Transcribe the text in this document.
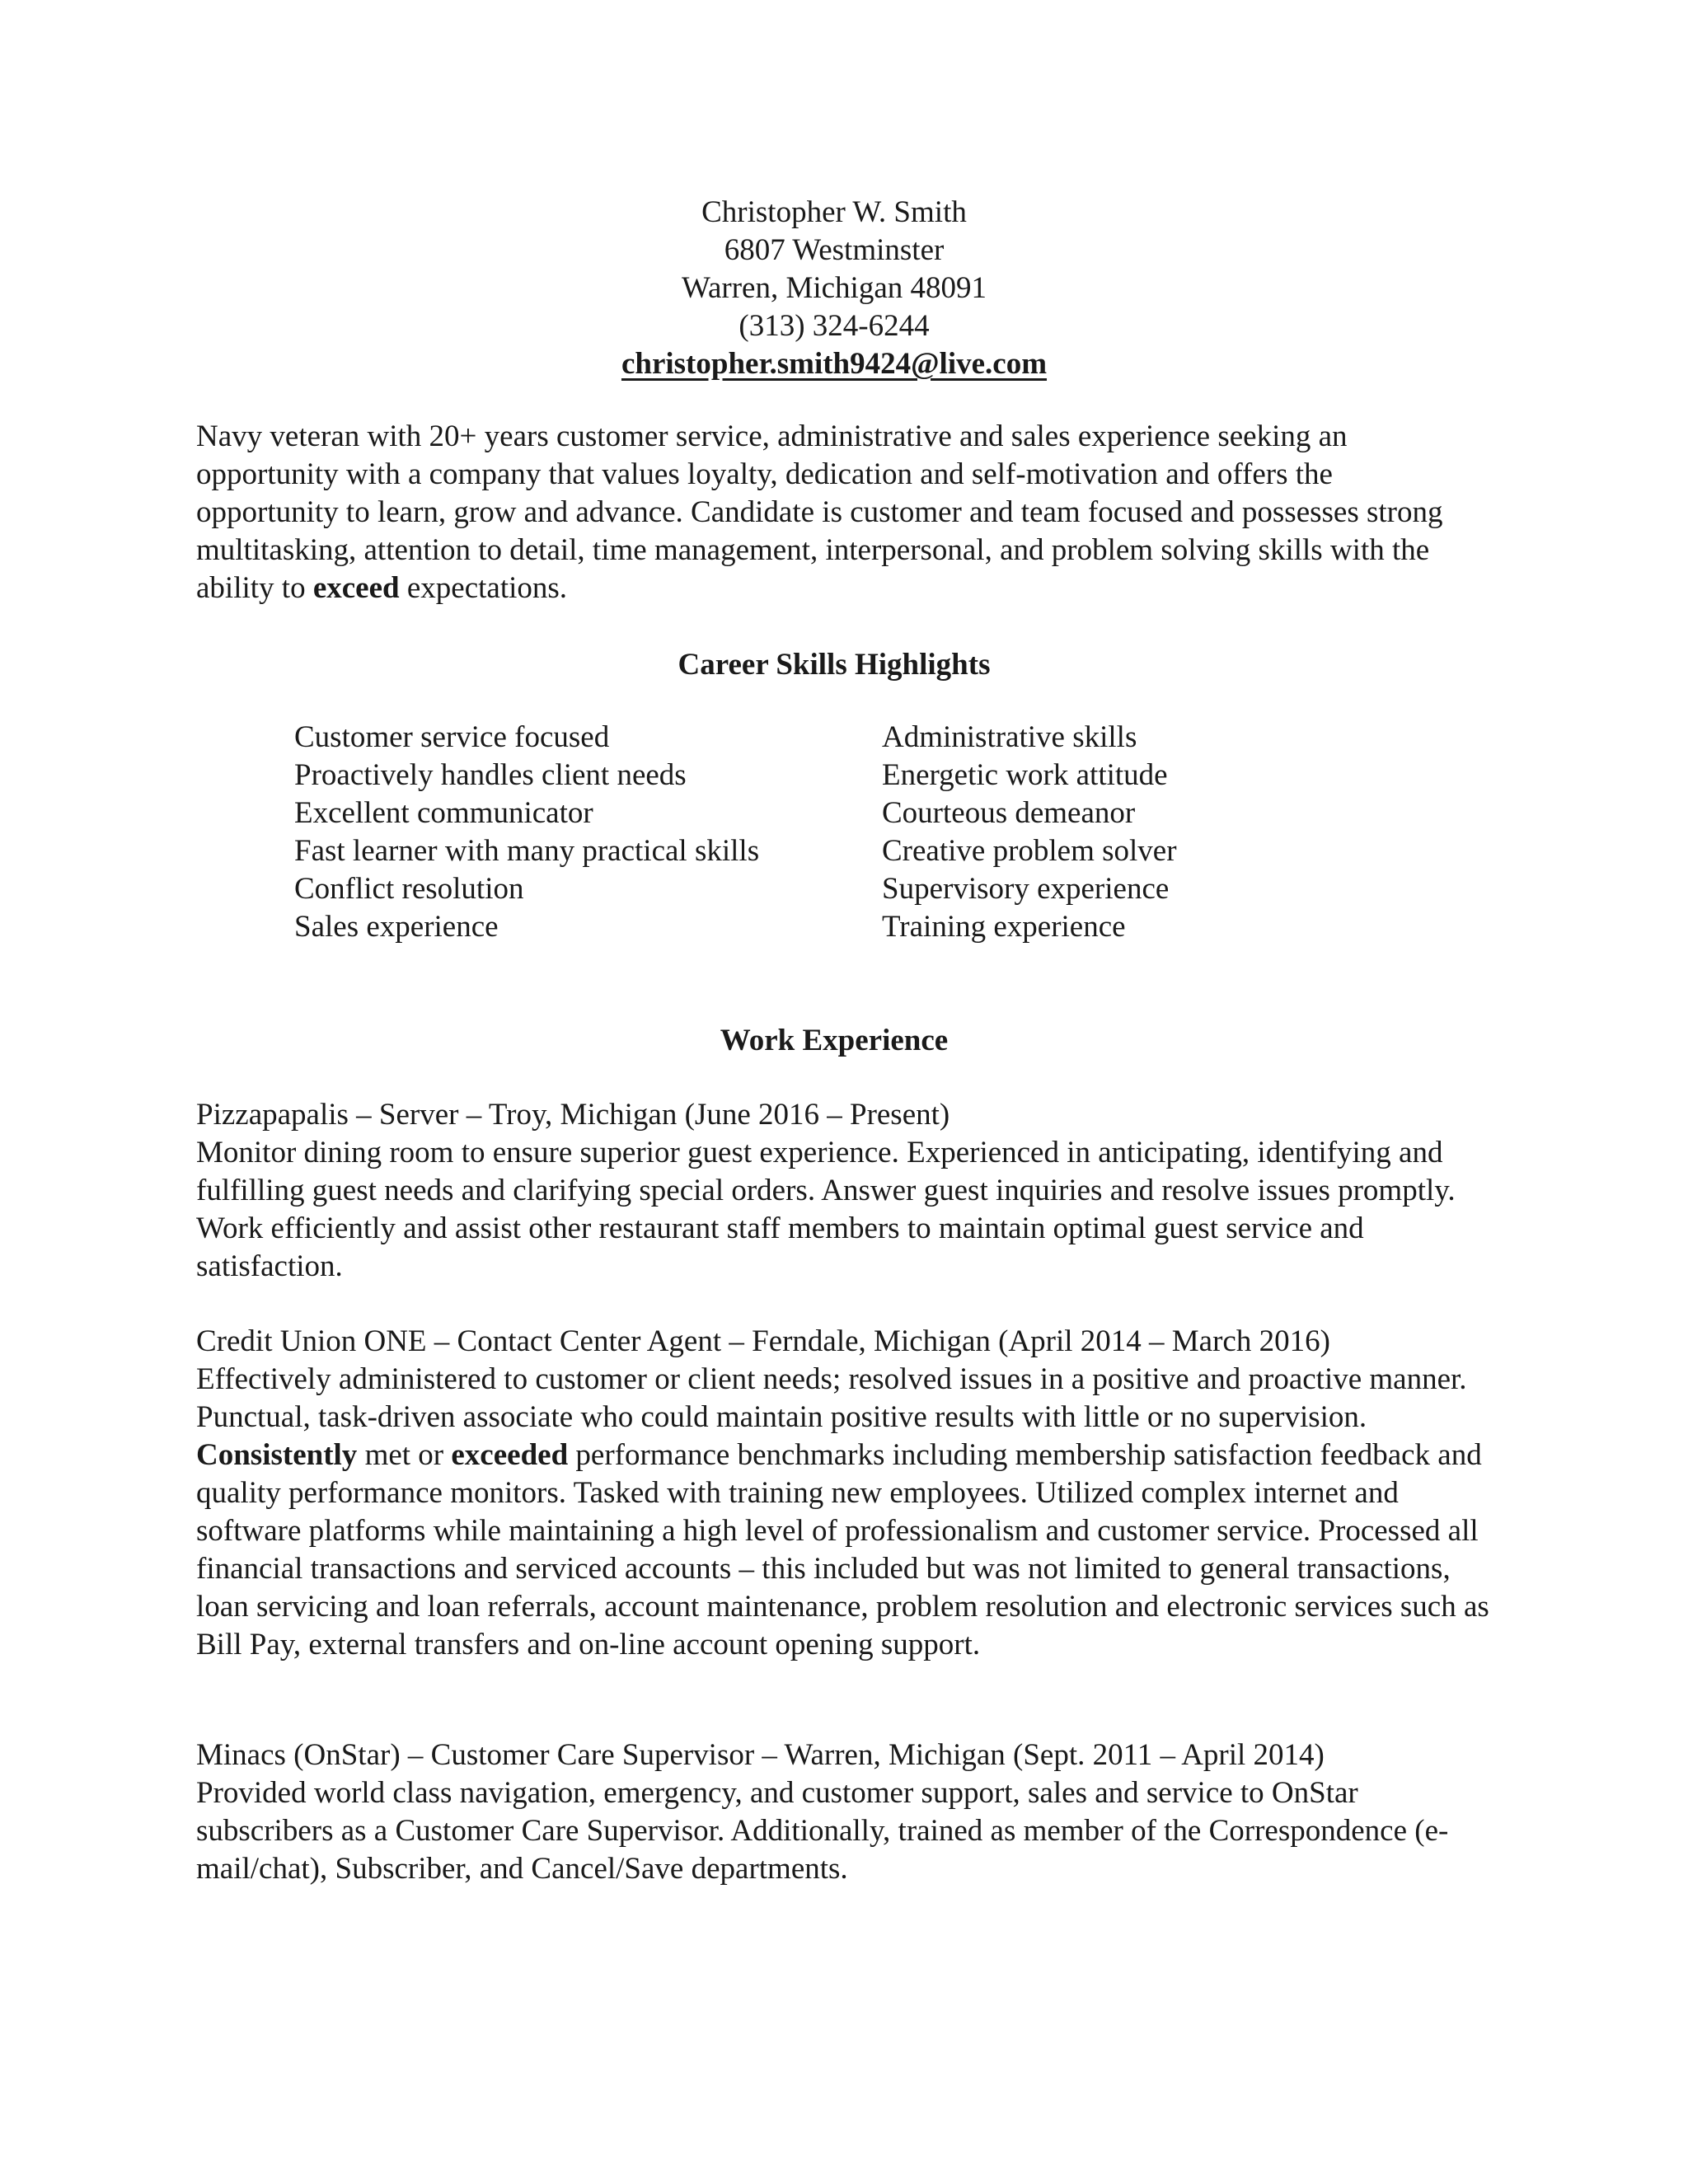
Christopher W. Smith
6807 Westminster
Warren, Michigan 48091
(313) 324-6244
christopher.smith9424@live.com

Navy veteran with 20+ years customer service, administrative and sales experience seeking an opportunity with a company that values loyalty, dedication and self-motivation and offers the opportunity to learn, grow and advance. Candidate is customer and team focused and possesses strong multitasking, attention to detail, time management, interpersonal, and problem solving skills with the ability to exceed expectations.

Career Skills Highlights
Customer service focused
Proactively handles client needs
Excellent communicator
Fast learner with many practical skills
Conflict resolution
Sales experience
Administrative skills
Energetic work attitude
Courteous demeanor
Creative problem solver
Supervisory experience
Training experience
Work Experience

Pizzapapalis – Server – Troy, Michigan (June 2016 – Present)

Monitor dining room to ensure superior guest experience. Experienced in anticipating, identifying and fulfilling guest needs and clarifying special orders. Answer guest inquiries and resolve issues promptly. Work efficiently and assist other restaurant staff members to maintain optimal guest service and satisfaction.

Credit Union ONE – Contact Center Agent – Ferndale, Michigan (April 2014 – March 2016)

Effectively administered to customer or client needs; resolved issues in a positive and proactive manner. Punctual, task-driven associate who could maintain positive results with little or no supervision. Consistently met or exceeded performance benchmarks including membership satisfaction feedback and quality performance monitors. Tasked with training new employees. Utilized complex internet and software platforms while maintaining a high level of professionalism and customer service. Processed all financial transactions and serviced accounts – this included but was not limited to general transactions, loan servicing and loan referrals, account maintenance, problem resolution and electronic services such as Bill Pay, external transfers and on-line account opening support.

Minacs (OnStar) – Customer Care Supervisor – Warren, Michigan (Sept. 2011 – April 2014)

Provided world class navigation, emergency, and customer support, sales and service to OnStar subscribers as a Customer Care Supervisor. Additionally, trained as member of the Correspondence (e-mail/chat), Subscriber, and Cancel/Save departments.
